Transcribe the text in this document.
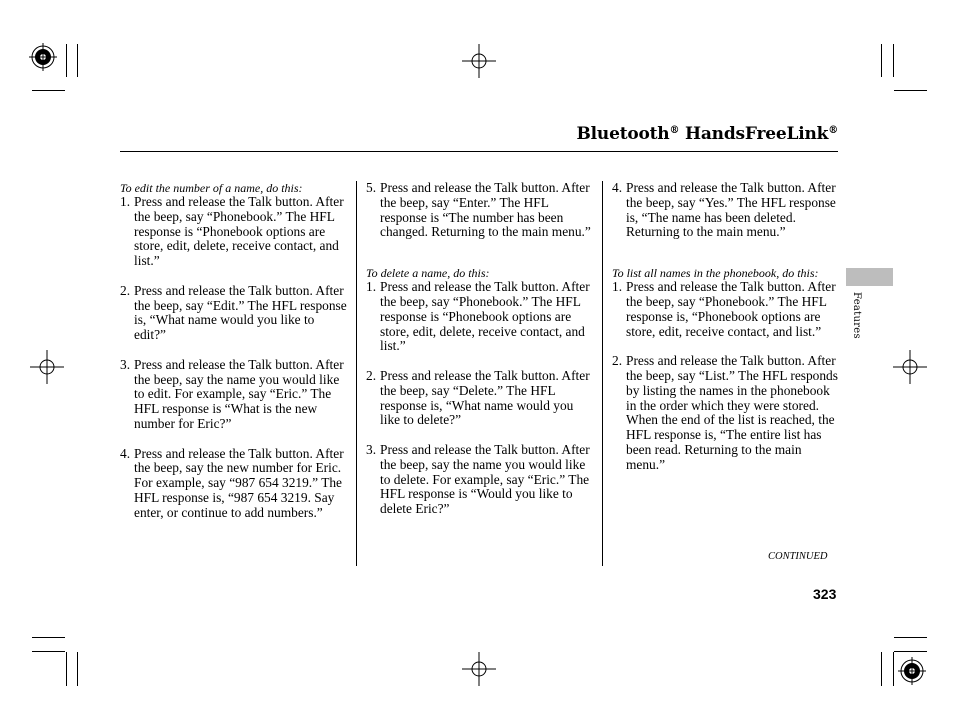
Bluetooth® HandsFreeLink®
Features
To edit the number of a name, do this:
1. Press and release the Talk button. After the beep, say “Phonebook.” The HFL response is “Phonebook options are store, edit, delete, receive contact, and list.”
2. Press and release the Talk button. After the beep, say “Edit.” The HFL response is, “What name would you like to edit?”
3. Press and release the Talk button. After the beep, say the name you would like to edit. For example, say “Eric.” The HFL response is “What is the new number for Eric?”
4. Press and release the Talk button. After the beep, say the new number for Eric. For example, say “987 654 3219.” The HFL response is, “987 654 3219. Say enter, or continue to add numbers.”
5. Press and release the Talk button. After the beep, say “Enter.” The HFL response is “The number has been changed. Returning to the main menu.”
To delete a name, do this:
1. Press and release the Talk button. After the beep, say “Phonebook.” The HFL response is “Phonebook options are store, edit, delete, receive contact, and list.”
2. Press and release the Talk button. After the beep, say “Delete.” The HFL response is, “What name would you like to delete?”
3. Press and release the Talk button. After the beep, say the name you would like to delete. For example, say “Eric.” The HFL response is “Would you like to delete Eric?”
4. Press and release the Talk button. After the beep, say “Yes.” The HFL response is, “The name has been deleted. Returning to the main menu.”
To list all names in the phonebook, do this:
1. Press and release the Talk button. After the beep, say “Phonebook.” The HFL response is, “Phonebook options are store, edit, receive contact, and list.”
2. Press and release the Talk button. After the beep, say “List.” The HFL responds by listing the names in the phonebook in the order which they were stored. When the end of the list is reached, the HFL response is, “The entire list has been read. Returning to the main menu.”
CONTINUED
323
